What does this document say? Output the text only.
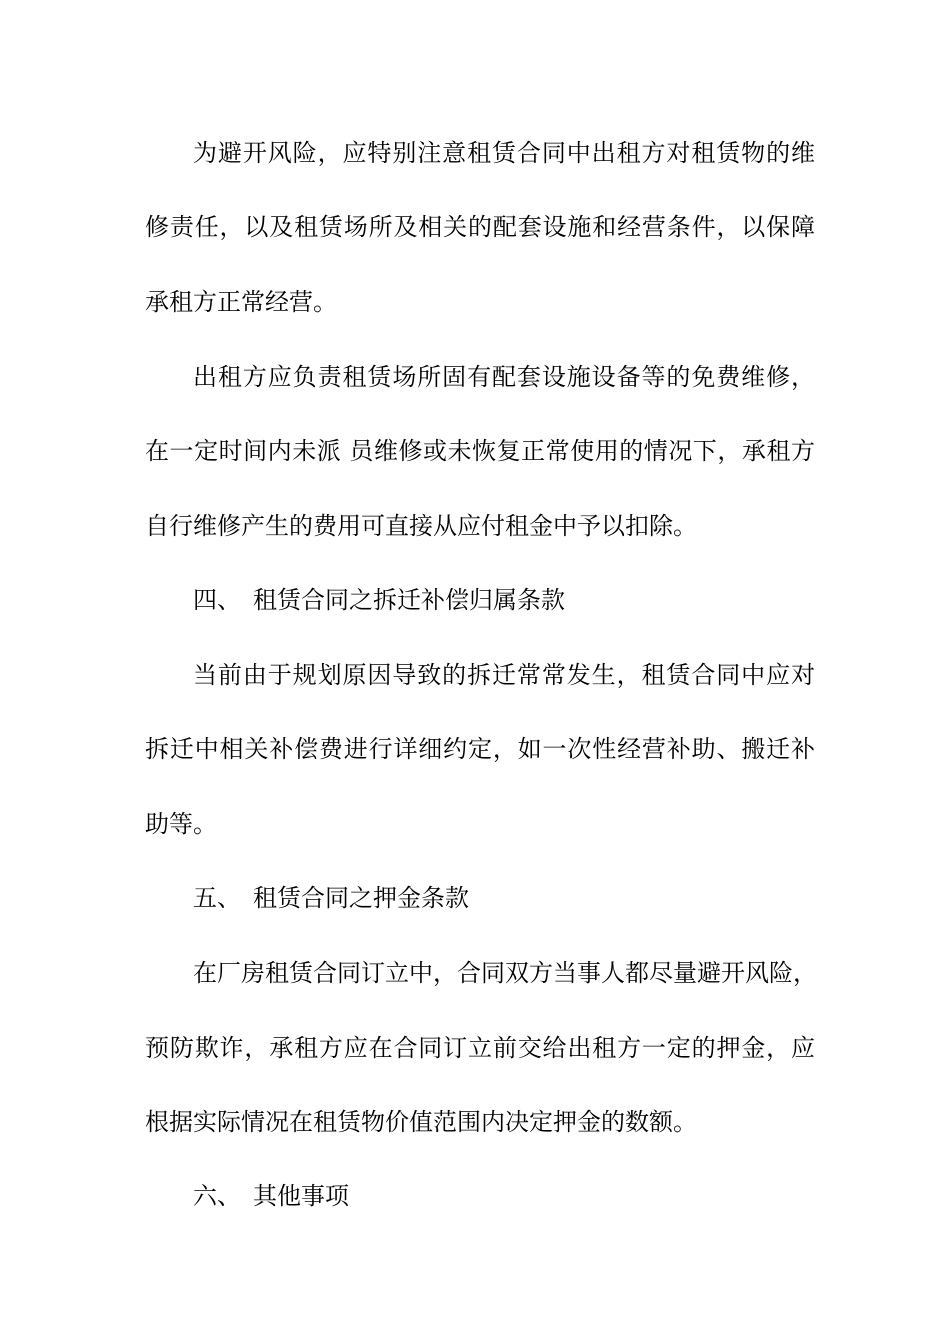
为避开风险，应特别注意租赁合同中出租方对租赁物的维
修责任，以及租赁场所及相关的配套设施和经营条件，以保障
承租方正常经营。
出租方应负责租赁场所固有配套设施设备等的免费维修，
在一定时间内未派 员维修或未恢复正常使用的情况下，承租方
自行维修产生的费用可直接从应付租金中予以扣除。
四、 租赁合同之拆迁补偿归属条款
当前由于规划原因导致的拆迁常常发生，租赁合同中应对
拆迁中相关补偿费进行详细约定，如一次性经营补助、搬迁补
助等。
五、 租赁合同之押金条款
在厂房租赁合同订立中，合同双方当事人都尽量避开风险，
预防欺诈，承租方应在合同订立前交给出租方一定的押金，应
根据实际情况在租赁物价值范围内决定押金的数额。
六、 其他事项
